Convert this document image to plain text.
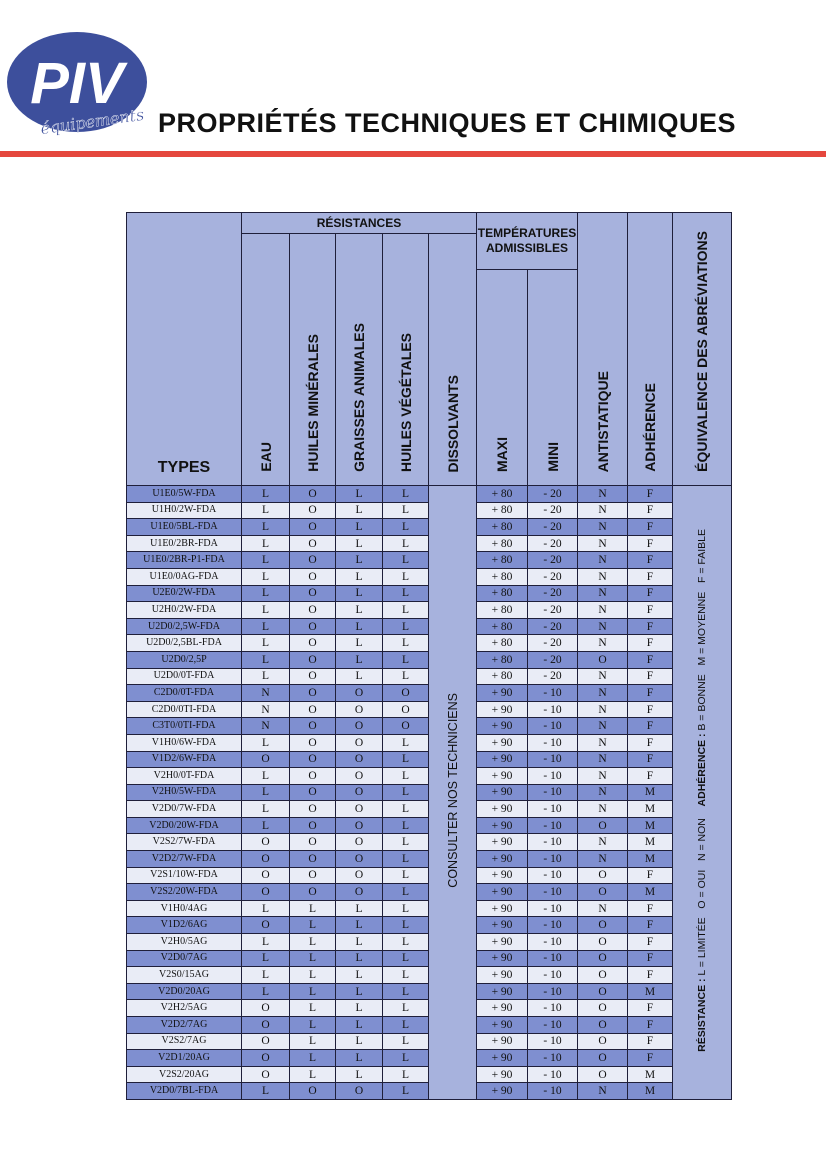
PIV
équipements PROPRIÉTÉS TECHNIQUES ET CHIMIQUES
TYPES	RÉSISTANCES					TEMPÉRATURES
ADMISSIBLES		ANTISTATIQUE	ADHÉRENCE	ÉQUIVALENCE DES ABRÉVIATIONS
	EAU	HUILES MINÉRALES	GRAISSES ANIMALES	HUILES VÉGÉTALES	DISSOLVANTS					
						MAXI	MINI			
U1E0/5W-FDA	L	O	L	L	CONSULTER NOS TECHNICIENS	+ 80	- 20	N	F	RÉSISTANCE : L = LIMITÉE   O = OUI   N = NON    ADHÉRENCE : B = BONNE   M = MOYENNE   F = FAIBLE
U1H0/2W-FDA	L	O	L	L		+ 80	- 20	N	F	
U1E0/5BL-FDA	L	O	L	L		+ 80	- 20	N	F	
U1E0/2BR-FDA	L	O	L	L		+ 80	- 20	N	F	
U1E0/2BR-P1-FDA	L	O	L	L		+ 80	- 20	N	F	
U1E0/0AG-FDA	L	O	L	L		+ 80	- 20	N	F	
U2E0/2W-FDA	L	O	L	L		+ 80	- 20	N	F	
U2H0/2W-FDA	L	O	L	L		+ 80	- 20	N	F	
U2D0/2,5W-FDA	L	O	L	L		+ 80	- 20	N	F	
U2D0/2,5BL-FDA	L	O	L	L		+ 80	- 20	N	F	
U2D0/2,5P	L	O	L	L		+ 80	- 20	O	F	
U2D0/0T-FDA	L	O	L	L		+ 80	- 20	N	F	
C2D0/0T-FDA	N	O	O	O		+ 90	- 10	N	F	
C2D0/0TI-FDA	N	O	O	O		+ 90	- 10	N	F	
C3T0/0TI-FDA	N	O	O	O		+ 90	- 10	N	F	
V1H0/6W-FDA	L	O	O	L		+ 90	- 10	N	F	
V1D2/6W-FDA	O	O	O	L		+ 90	- 10	N	F	
V2H0/0T-FDA	L	O	O	L		+ 90	- 10	N	F	
V2H0/5W-FDA	L	O	O	L		+ 90	- 10	N	M	
V2D0/7W-FDA	L	O	O	L		+ 90	- 10	N	M	
V2D0/20W-FDA	L	O	O	L		+ 90	- 10	O	M	
V2S2/7W-FDA	O	O	O	L		+ 90	- 10	N	M	
V2D2/7W-FDA	O	O	O	L		+ 90	- 10	N	M	
V2S1/10W-FDA	O	O	O	L		+ 90	- 10	O	F	
V2S2/20W-FDA	O	O	O	L		+ 90	- 10	O	M	
V1H0/4AG	L	L	L	L		+ 90	- 10	N	F	
V1D2/6AG	O	L	L	L		+ 90	- 10	O	F	
V2H0/5AG	L	L	L	L		+ 90	- 10	O	F	
V2D0/7AG	L	L	L	L		+ 90	- 10	O	F	
V2S0/15AG	L	L	L	L		+ 90	- 10	O	F	
V2D0/20AG	L	L	L	L		+ 90	- 10	O	M	
V2H2/5AG	O	L	L	L		+ 90	- 10	O	F	
V2D2/7AG	O	L	L	L		+ 90	- 10	O	F	
V2S2/7AG	O	L	L	L		+ 90	- 10	O	F	
V2D1/20AG	O	L	L	L		+ 90	- 10	O	F	
V2S2/20AG	O	L	L	L		+ 90	- 10	O	M	
V2D0/7BL-FDA	L	O	O	L		+ 90	- 10	N	M	
